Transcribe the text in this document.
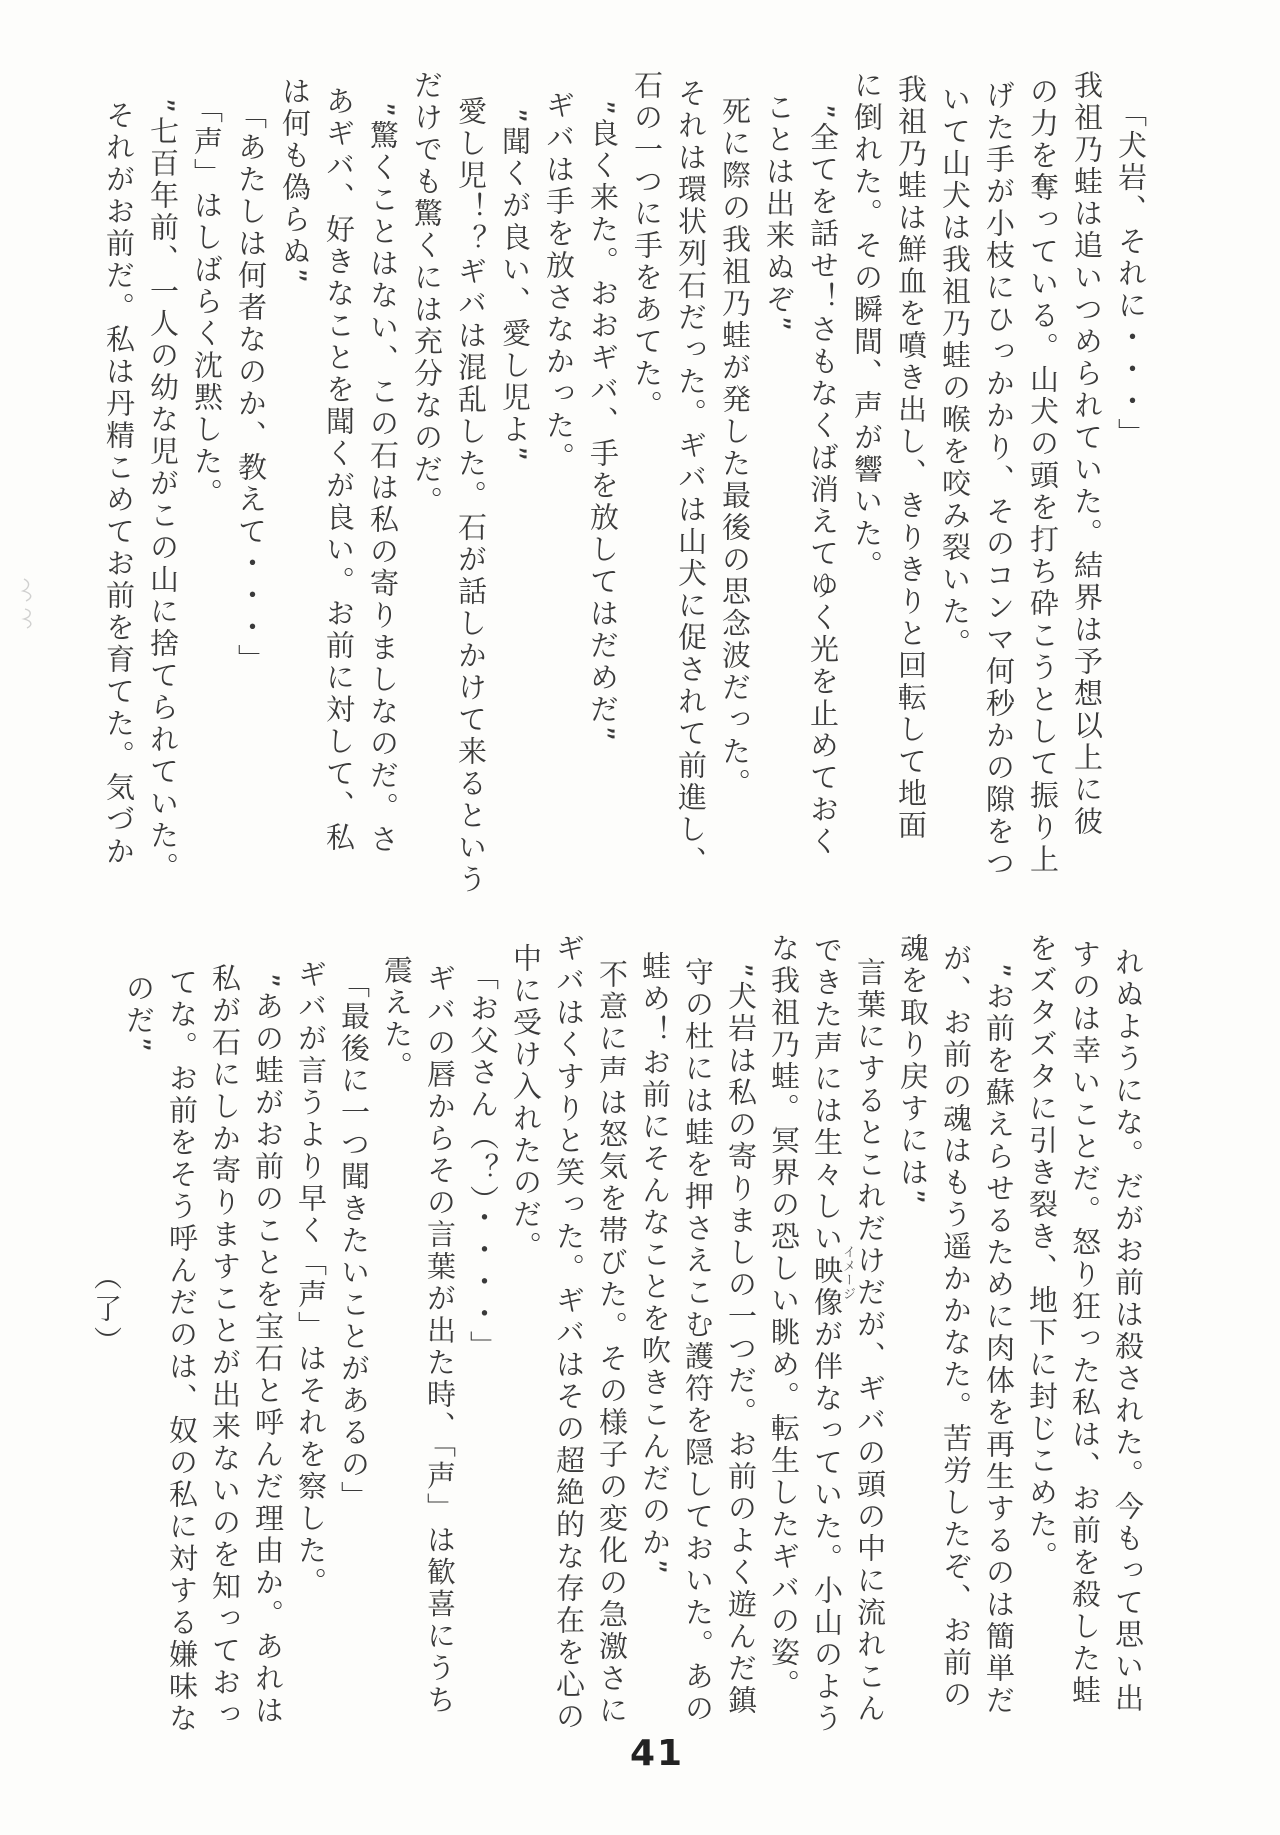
「犬岩、それに・・・」
我祖乃蛙は追いつめられていた。結界は予想以上に彼
の力を奪っている。山犬の頭を打ち砕こうとして振り上
げた手が小枝にひっかかり、そのコンマ何秒かの隙をつ
いて山犬は我祖乃蛙の喉を咬み裂いた。
我祖乃蛙は鮮血を噴き出し、きりきりと回転して地面
に倒れた。その瞬間、声が響いた。
”全てを話せ！さもなくば消えてゆく光を止めておく
ことは出来ぬぞ”
死に際の我祖乃蛙が発した最後の思念波だった。
それは環状列石だった。ギバは山犬に促されて前進し、
石の一つに手をあてた。
”良く来た。おおギバ、手を放してはだめだ”
ギバは手を放さなかった。
”聞くが良い、愛し児よ”
愛し児！？ギバは混乱した。石が話しかけて来るという
だけでも驚くには充分なのだ。
”驚くことはない、この石は私の寄りましなのだ。さ
あギバ、好きなことを聞くが良い。お前に対して、私
は何も偽らぬ”
「あたしは何者なのか、教えて・・・」
「声」はしばらく沈黙した。
”七百年前、一人の幼な児がこの山に捨てられていた。
それがお前だ。私は丹精こめてお前を育てた。気づか
れぬようにな。だがお前は殺された。今もって思い出
すのは幸いことだ。怒り狂った私は、お前を殺した蛙
をズタズタに引き裂き、地下に封じこめた。
”お前を蘇えらせるために肉体を再生するのは簡単だ
が、お前の魂はもう遥かかなた。苦労したぞ、お前の
魂を取り戻すには”
言葉にするとこれだけだが、ギバの頭の中に流れこん
できた声には生々しい映像が伴なっていた。小山のよう
イメージ
な我祖乃蛙。冥界の恐しい眺め。転生したギバの姿。
”犬岩は私の寄りましの一つだ。お前のよく遊んだ鎮
守の杜には蛙を押さえこむ護符を隠しておいた。あの
蛙め！お前にそんなことを吹きこんだのか”
不意に声は怒気を帯びた。その様子の変化の急激さに
ギバはくすりと笑った。ギバはその超絶的な存在を心の
中に受け入れたのだ。
「お父さん（？）・・・・」
ギバの唇からその言葉が出た時、「声」は歓喜にうち
震えた。
「最後に一つ聞きたいことがあるの」
ギバが言うより早く「声」はそれを察した。
”あの蛙がお前のことを宝石と呼んだ理由か。あれは
私が石にしか寄りますことが出来ないのを知っておっ
てな。お前をそう呼んだのは、奴の私に対する嫌味な
のだ”
（了）
41
